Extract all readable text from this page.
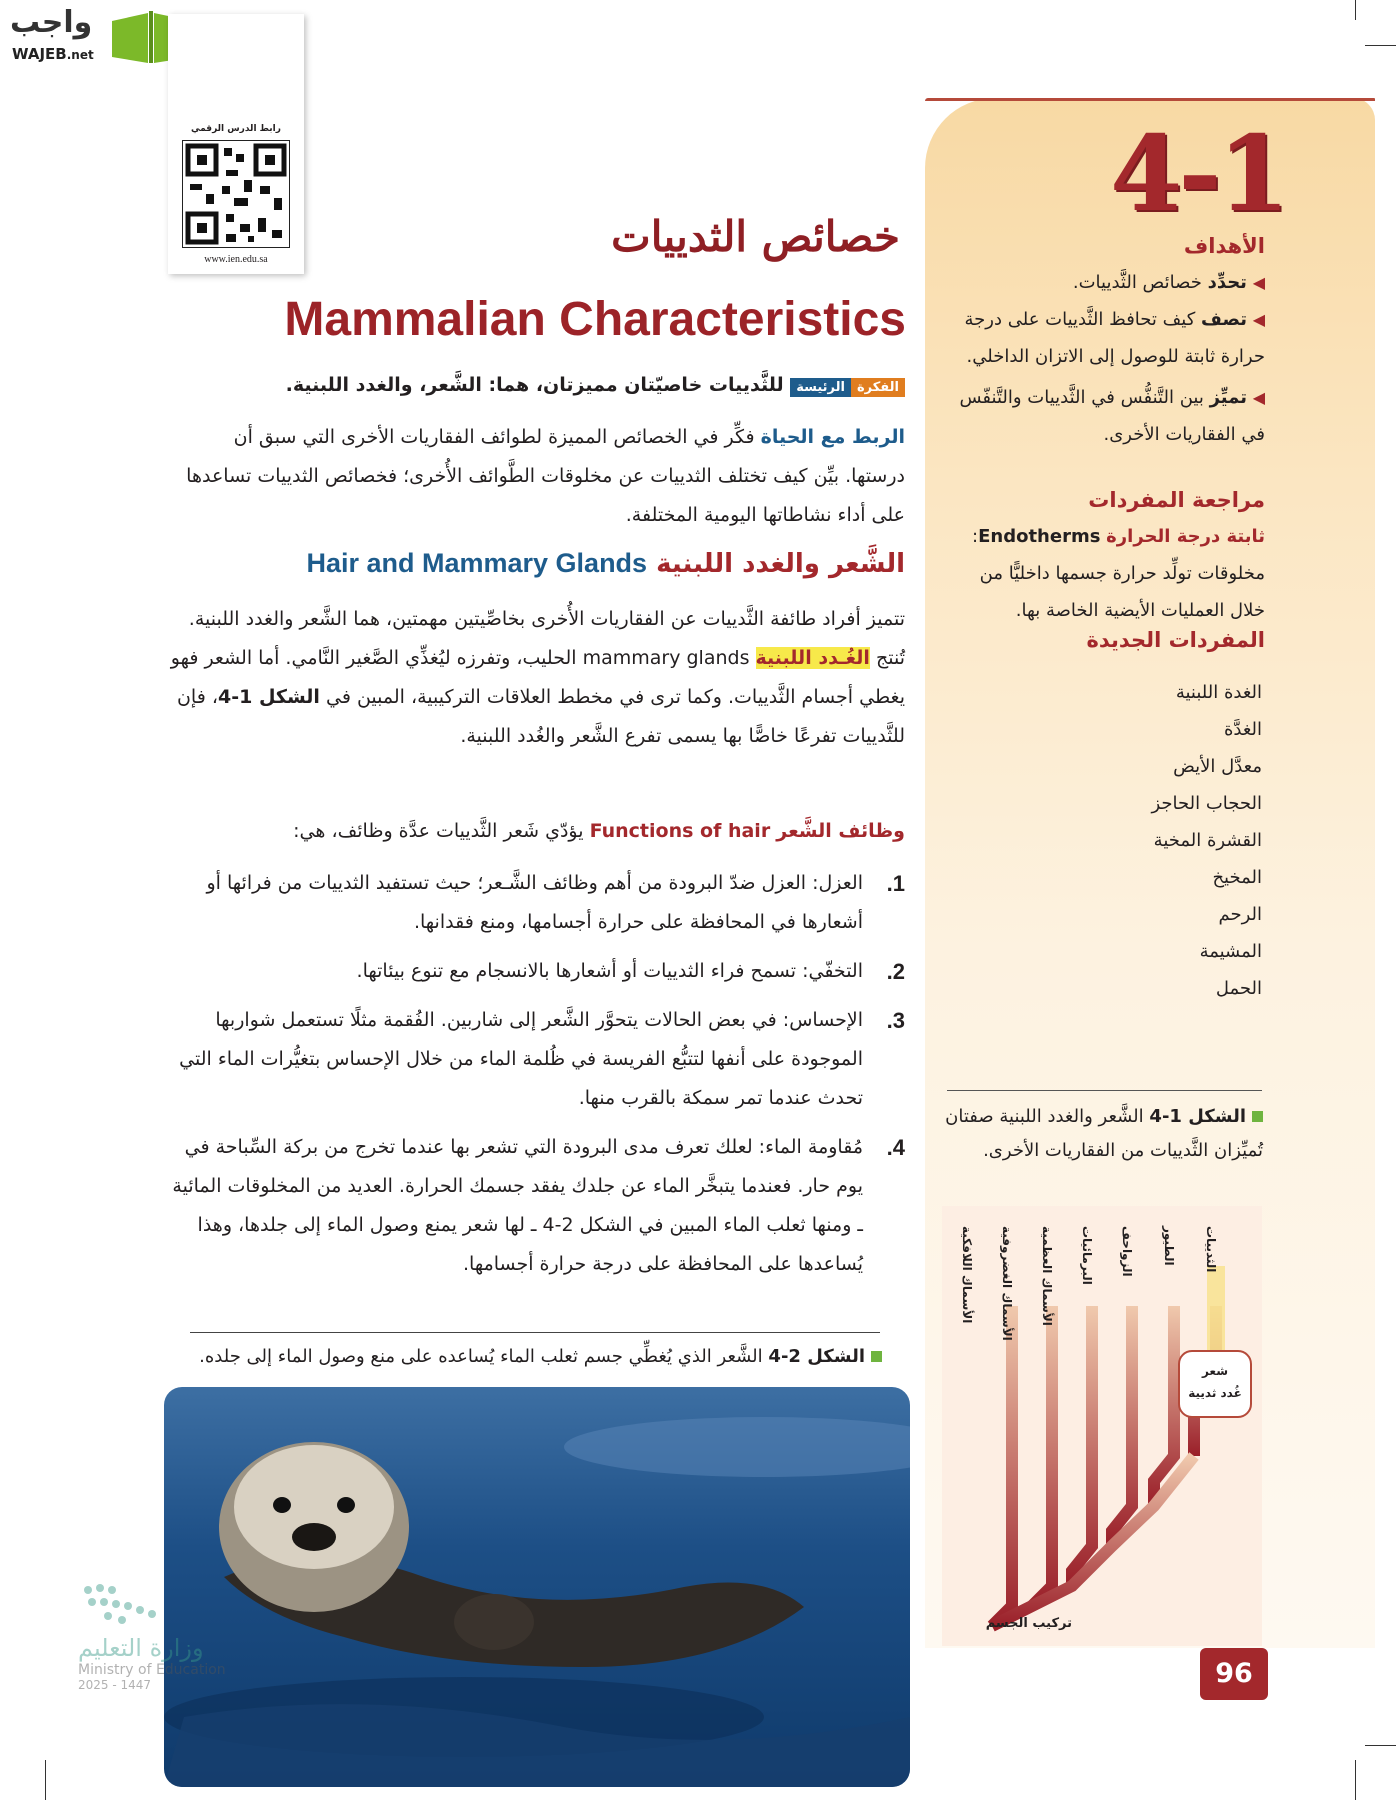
واجب
WAJEB.net
رابط الدرس الرقمي
www.ien.edu.sa
4-1
الأهداف
◀ تحدِّد خصائص الثَّدييات.
◀ تصف كيف تحافظ الثَّدييات على درجة حرارة ثابتة للوصول إلى الاتزان الداخلي.
◀ تميِّز بين التَّنفُّس في الثَّدييات والتَّنفّس في الفقاريات الأخرى.
مراجعة المفردات
ثابتة درجة الحرارة Endotherms:
مخلوقات تولِّد حرارة جسمها داخليًّا من خلال العمليات الأيضية الخاصة بها.
المفردات الجديدة
الغدة اللبنية
الغدَّة
معدَّل الأيض
الحجاب الحاجز
القشرة المخية
المخيخ
الرحم
المشيمة
الحمل
الشكل 1-4 الشَّعر والغدد اللبنية صفتان تُميِّزان الثَّدييات من الفقاريات الأخرى.
الثدييات
الطيور
الزواحف
البرمائيات
الأسماك العظمية
الأسماك الغضروفية
الأسماك اللافكية
شعر
غُدد ثديية
تركيب الجسم
خصائص الثدييات
Mammalian Characteristics
الفكرةالرئيسة للثَّدييات خاصيّتان مميزتان، هما: الشَّعر، والغدد اللبنية.
الربط مع الحياة فكِّر في الخصائص المميزة لطوائف الفقاريات الأخرى التي سبق أن درستها. بيِّن كيف تختلف الثدييات عن مخلوقات الطَّوائف الأُخرى؛ فخصائص الثدييات تساعدها على أداء نشاطاتها اليومية المختلفة.
الشَّعر والغدد اللبنية Hair and Mammary Glands
تتميز أفراد طائفة الثَّدييات عن الفقاريات الأُخرى بخاصِّيتين مهمتين، هما الشَّعر والغدد اللبنية. تُنتج الغُـدد اللبنية mammary glands الحليب، وتفرزه ليُغذِّي الصَّغير النَّامي. أما الشعر فهو يغطي أجسام الثَّدييات. وكما ترى في مخطط العلاقات التركيبية، المبين في الشكل 1-4، فإن للثَّدييات تفرعًا خاصًّا بها يسمى تفرع الشَّعر والغُدد اللبنية.
وظائف الشَّعر Functions of hair يؤدّي شَعر الثَّدييات عدَّة وظائف، هي:
1.
العزل: العزل ضدّ البرودة من أهم وظائف الشَّـعر؛ حيث تستفيد الثدييات من فرائها أو أشعارها في المحافظة على حرارة أجسامها، ومنع فقدانها.
2.
التخفّي: تسمح فراء الثدييات أو أشعارها بالانسجام مع تنوع بيئاتها.
3.
الإحساس: في بعض الحالات يتحوَّر الشَّعر إلى شاربين. الفُقمة مثلًا تستعمل شواربها الموجودة على أنفها لتتبُّع الفريسة في ظُلمة الماء من خلال الإحساس بتغيُّرات الماء التي تحدث عندما تمر سمكة بالقرب منها.
4.
مُقاومة الماء: لعلك تعرف مدى البرودة التي تشعر بها عندما تخرج من بركة السِّباحة في يوم حار. فعندما يتبخَّر الماء عن جلدك يفقد جسمك الحرارة. العديد من المخلوقات المائية ـ ومنها ثعلب الماء المبين في الشكل 2-4 ـ لها شعر يمنع وصول الماء إلى جلدها، وهذا يُساعدها على المحافظة على درجة حرارة أجسامها.
الشكل 2-4 الشَّعر الذي يُغطِّي جسم ثعلب الماء يُساعده على منع وصول الماء إلى جلده.
وزارة التعليم
Ministry of Education
2025 - 1447	96
